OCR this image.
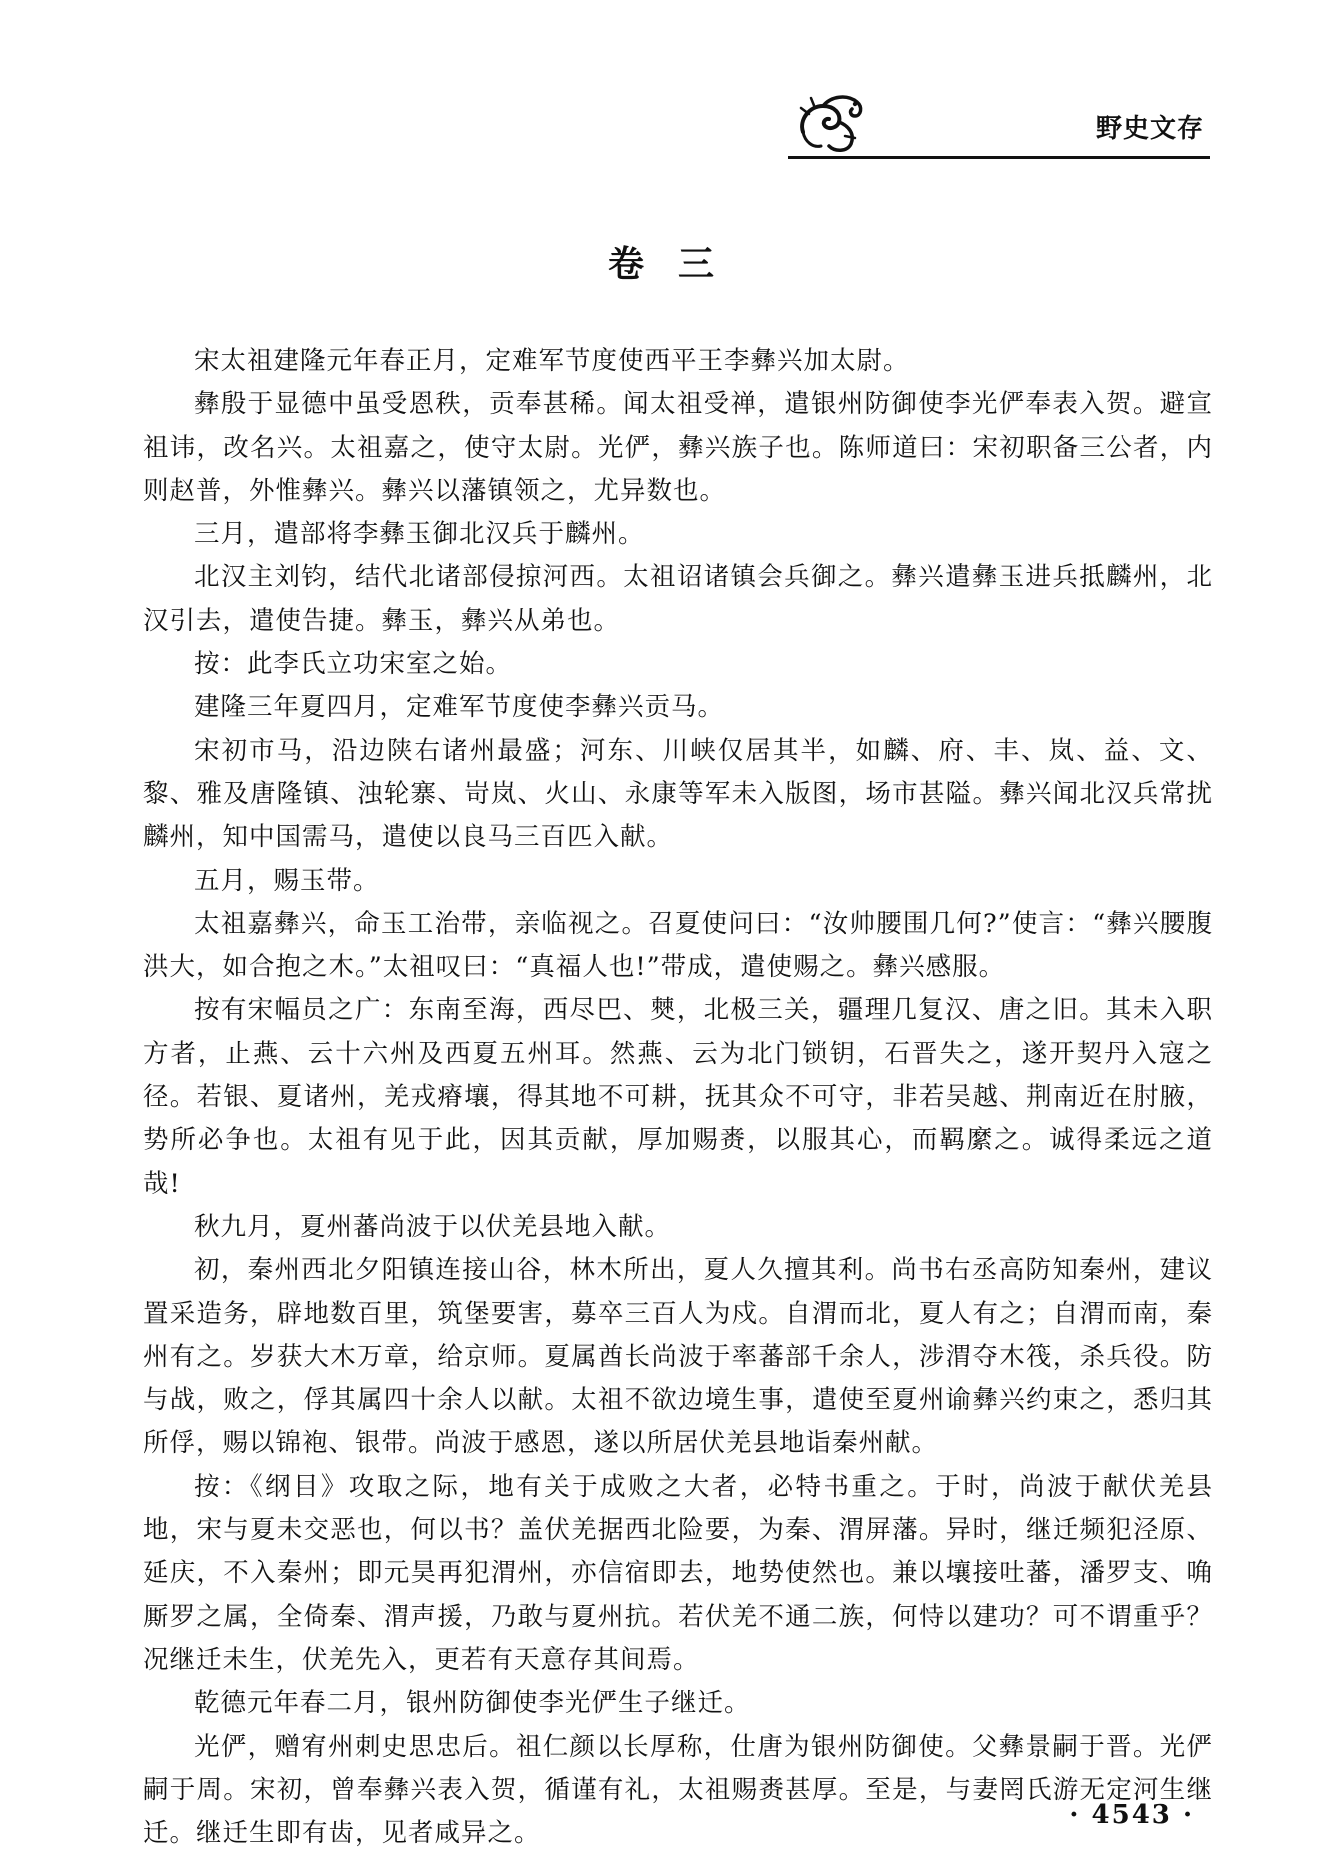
野史文存
卷三

宋太祖建隆元年春正月，定难军节度使西平王李彝兴加太尉。

彝殷于显德中虽受恩秩，贡奉甚稀。闻太祖受禅，遣银州防御使李光俨奉表入贺。避宣祖讳，改名兴。太祖嘉之，使守太尉。光俨，彝兴族子也。陈师道曰：宋初职备三公者，内则赵普，外惟彝兴。彝兴以藩镇领之，尤异数也。

三月，遣部将李彝玉御北汉兵于麟州。

北汉主刘钧，结代北诸部侵掠河西。太祖诏诸镇会兵御之。彝兴遣彝玉进兵抵麟州，北汉引去，遣使告捷。彝玉，彝兴从弟也。

按：此李氏立功宋室之始。

建隆三年夏四月，定难军节度使李彝兴贡马。

宋初市马，沿边陕右诸州最盛；河东、川峡仅居其半，如麟、府、丰、岚、益、文、黎、雅及唐隆镇、浊轮寨、岢岚、火山、永康等军未入版图，场市甚隘。彝兴闻北汉兵常扰麟州，知中国需马，遣使以良马三百匹入献。

五月，赐玉带。

太祖嘉彝兴，命玉工治带，亲临视之。召夏使问曰：“汝帅腰围几何?”使言：“彝兴腰腹洪大，如合抱之木。”太祖叹曰：“真福人也!”带成，遣使赐之。彝兴感服。

按有宋幅员之广：东南至海，西尽巴、僰，北极三关，疆理几复汉、唐之旧。其未入职方者，止燕、云十六州及西夏五州耳。然燕、云为北门锁钥，石晋失之，遂开契丹入寇之径。若银、夏诸州，羌戎瘠壤，得其地不可耕，抚其众不可守，非若吴越、荆南近在肘腋，势所必争也。太祖有见于此，因其贡献，厚加赐赉，以服其心，而羁縻之。诚得柔远之道哉!

秋九月，夏州蕃尚波于以伏羌县地入献。

初，秦州西北夕阳镇连接山谷，林木所出，夏人久擅其利。尚书右丞高防知秦州，建议置采造务，辟地数百里，筑堡要害，募卒三百人为戍。自渭而北，夏人有之；自渭而南，秦州有之。岁获大木万章，给京师。夏属酋长尚波于率蕃部千余人，涉渭夺木筏，杀兵役。防与战，败之，俘其属四十余人以献。太祖不欲边境生事，遣使至夏州谕彝兴约束之，悉归其所俘，赐以锦袍、银带。尚波于感恩，遂以所居伏羌县地诣秦州献。

按：《纲目》攻取之际，地有关于成败之大者，必特书重之。于时，尚波于献伏羌县地，宋与夏未交恶也，何以书？盖伏羌据西北险要，为秦、渭屏藩。异时，继迁频犯泾原、延庆，不入秦州；即元昊再犯渭州，亦信宿即去，地势使然也。兼以壤接吐蕃，潘罗支、唃厮罗之属，全倚秦、渭声援，乃敢与夏州抗。若伏羌不通二族，何恃以建功？可不谓重乎？况继迁未生，伏羌先入，更若有天意存其间焉。

乾德元年春二月，银州防御使李光俨生子继迁。

光俨，赠宥州刺史思忠后。祖仁颜以长厚称，仕唐为银州防御使。父彝景嗣于晋。光俨嗣于周。宋初，曾奉彝兴表入贺，循谨有礼，太祖赐赉甚厚。至是，与妻罔氏游无定河生继迁。继迁生即有齿，见者咸异之。

· 4543 ·
